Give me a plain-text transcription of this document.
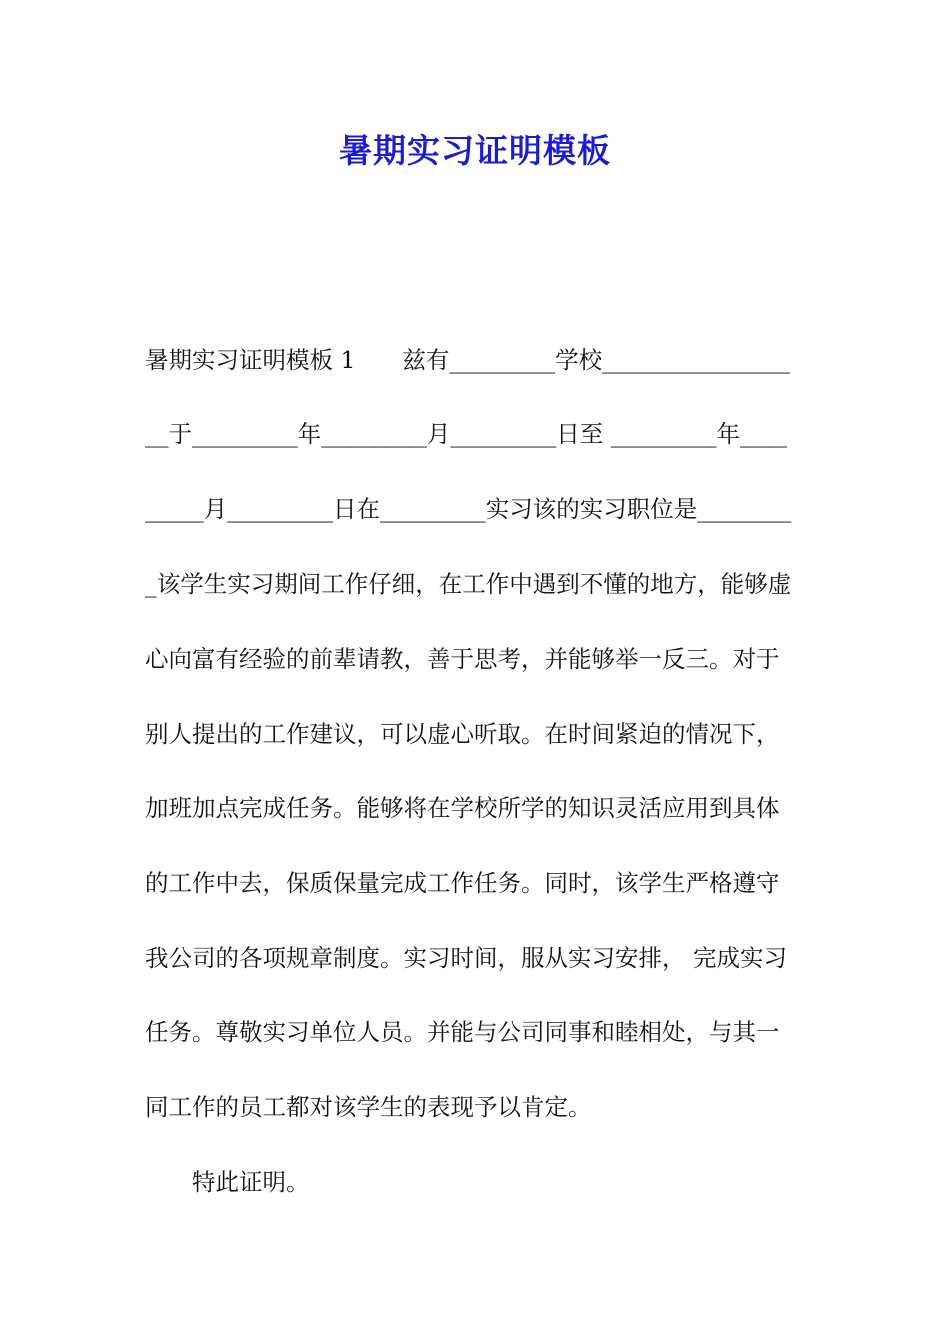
暑期实习证明模板
暑期实习证明模板 1　　兹有_________学校________________
__于_________年_________月_________日至 _________年____
_____月_________日在_________实习该的实习职位是________
_该学生实习期间工作仔细，在工作中遇到不懂的地方，能够虚
心向富有经验的前辈请教，善于思考，并能够举一反三。对于
别人提出的工作建议，可以虚心听取。在时间紧迫的情况下，
加班加点完成任务。能够将在学校所学的知识灵活应用到具体
的工作中去，保质保量完成工作任务。同时，该学生严格遵守
我公司的各项规章制度。实习时间，服从实习安排， 完成实习
任务。尊敬实习单位人员。并能与公司同事和睦相处，与其一
同工作的员工都对该学生的表现予以肯定。
特此证明。
